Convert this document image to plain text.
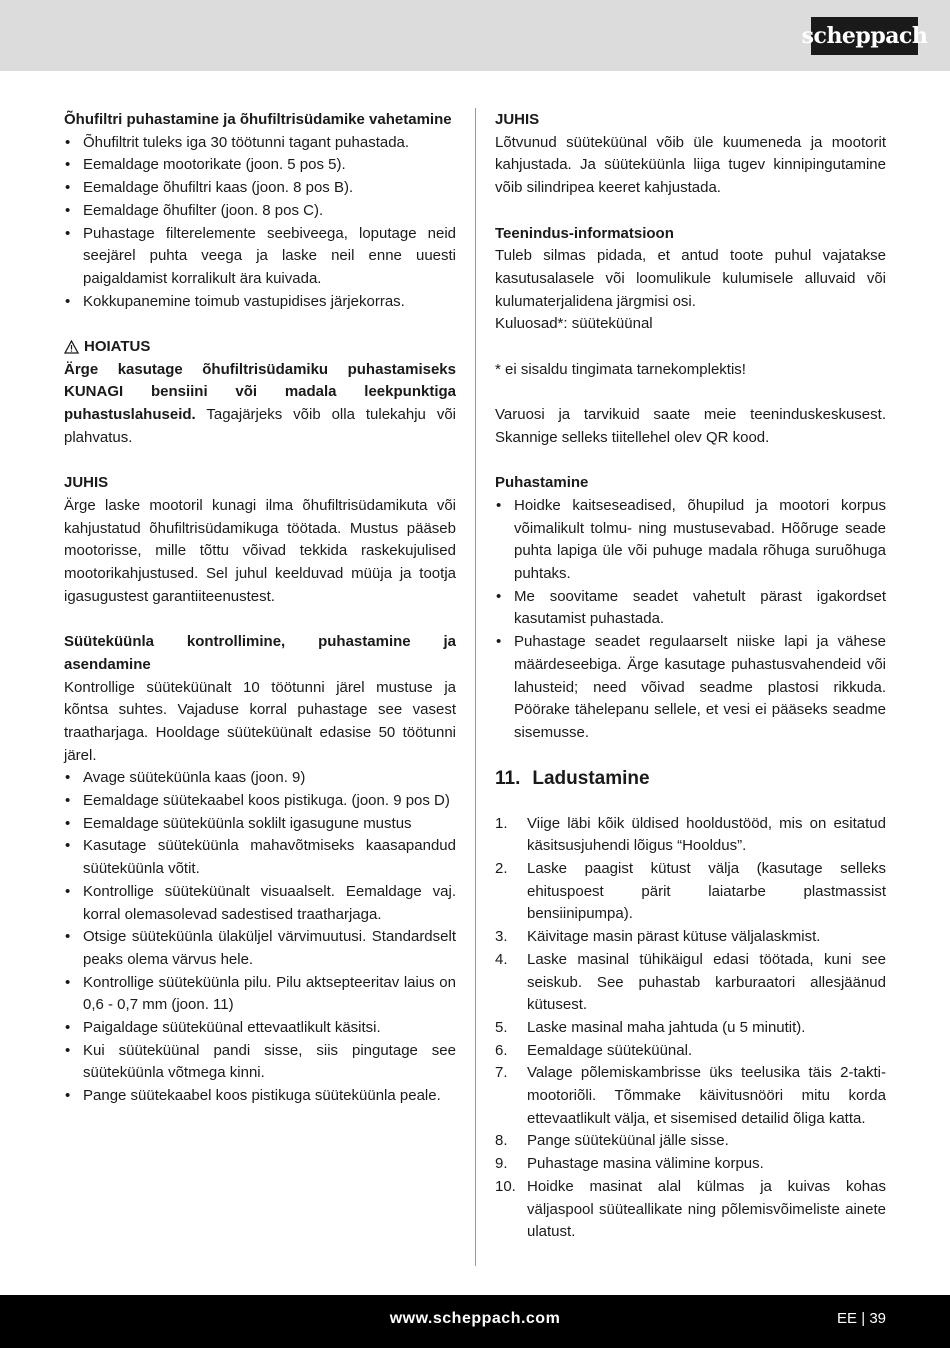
scheppach

Õhufiltri puhastamine ja õhufiltrisüdamike vahetamine

• Õhufiltrit tuleks iga 30 töötunni tagant puhastada.
• Eemaldage mootorikate (joon. 5 pos 5).
• Eemaldage õhufiltri kaas (joon. 8 pos B).
• Eemaldage õhufilter (joon. 8 pos C).
• Puhastage filterelemente seebiveega, loputage neid seejärel puhta veega ja laske neil enne uuesti paigaldamist korralikult ära kuivada.
• Kokkupanemine toimub vastupidises järjekorras.
HOIATUS

Ärge kasutage õhufiltrisüdamiku puhastamiseks KUNAGI bensiini või madala leekpunktiga puhastuslahuseid. Tagajärjeks võib olla tulekahju või plahvatus.

JUHIS

Ärge laske mootoril kunagi ilma õhufiltrisüdamikuta või kahjustatud õhufiltrisüdamikuga töötada. Mustus pääseb mootorisse, mille tõttu võivad tekkida raskekujulised mootorikahjustused. Sel juhul keelduvad müüja ja tootja igasugustest garantiiteenustest.

Süüteküünla kontrollimine, puhastamine ja asendamine

Kontrollige süüteküünalt 10 töötunni järel mustuse ja kõntsa suhtes. Vajaduse korral puhastage see vasest traatharjaga. Hooldage süüteküünalt edasise 50 töötunni järel.

• Avage süüteküünla kaas (joon. 9)
• Eemaldage süütekaabel koos pistikuga. (joon. 9 pos D)
• Eemaldage süüteküünla soklilt igasugune mustus
• Kasutage süüteküünla mahavõtmiseks kaasapandud süüteküünla võtit.
• Kontrollige süüteküünalt visuaalselt. Eemaldage vaj. korral olemasolevad sadestised traatharjaga.
• Otsige süüteküünla ülaküljel värvimuutusi. Standardselt peaks olema värvus hele.
• Kontrollige süüteküünla pilu. Pilu aktsepteeritav laius on 0,6 - 0,7 mm (joon. 11)
• Paigaldage süüteküünal ettevaatlikult käsitsi.
• Kui süüteküünal pandi sisse, siis pingutage see süüteküünla võtmega kinni.
• Pange süütekaabel koos pistikuga süüteküünla peale.

JUHIS

Lõtvunud süüteküünal võib üle kuumeneda ja mootorit kahjustada. Ja süüteküünla liiga tugev kinnipingutamine võib silindripea keeret kahjustada.

Teenindus-informatsioon

Tuleb silmas pidada, et antud toote puhul vajatakse kasutusalasele või loomulikule kulumisele alluvaid või kulumaterjalidena järgmisi osi.

Kuluosad*: süüteküünal

* ei sisaldu tingimata tarnekomplektis!

Varuosi ja tarvikuid saate meie teeninduskeskusest. Skannige selleks tiitellehel olev QR kood.

Puhastamine

• Hoidke kaitseseadised, õhupilud ja mootori korpus võimalikult tolmu- ning mustusevabad. Hõõruge seade puhta lapiga üle või puhuge madala rõhuga suruõhuga puhtaks.
• Me soovitame seadet vahetult pärast igakordset kasutamist puhastada.
• Puhastage seadet regulaarselt niiske lapi ja vähese määrdeseebiga. Ärge kasutage puhastusvahendeid või lahusteid; need võivad seadme plastosi rikkuda. Pöörake tähelepanu sellele, et vesi ei pääseks seadme sisemusse.
11. Ladustamine
1. Viige läbi kõik üldised hooldustööd, mis on esitatud käsitsusjuhendi lõigus “Hooldus”.
2. Laske paagist kütust välja (kasutage selleks ehituspoest pärit laiatarbe plastmassist bensiinipumpa).
3. Käivitage masin pärast kütuse väljalaskmist.
4. Laske masinal tühikäigul edasi töötada, kuni see seiskub. See puhastab karburaatori allesjäänud kütusest.
5. Laske masinal maha jahtuda (u 5 minutit).
6. Eemaldage süüteküünal.
7. Valage põlemiskambrisse üks teelusika täis 2-takti-mootoriõli. Tõmmake käivitusnööri mitu korda ettevaatlikult välja, et sisemised detailid õliga katta.
8. Pange süüteküünal jälle sisse.
9. Puhastage masina välimine korpus.
10. Hoidke masinat alal külmas ja kuivas kohas väljaspool süüteallikate ning põlemisvõimeliste ainete ulatust.
www.scheppach.com	EE | 39
